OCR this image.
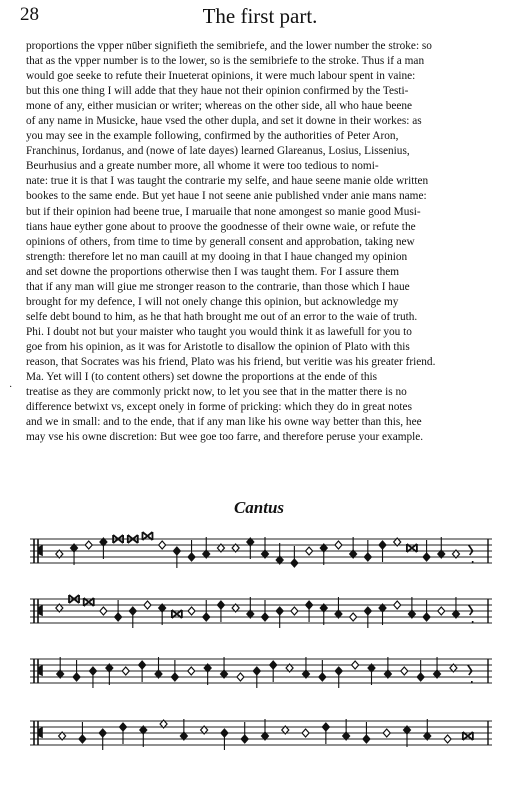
28	The first part.
proportions the vpper nūber signifieth the semibriefe, and the lower number the stroke: so
that as the vpper number is to the lower, so is the semibriefe to the stroke. Thus if a man
would goe seeke to refute their Inueterat opinions, it were much labour spent in vaine:
but this one thing I will adde that they haue not their opinion confirmed by the Testi-
mone of any, either musician or writer; whereas on the other side, all who haue beene
of any name in Musicke, haue vsed the other dupla, and set it downe in their workes: as
you may see in the example following, confirmed by the authorities of Peter Aron,
Franchinus, Iordanus, and (nowe of late dayes) learned Glareanus, Losius, Lissenius,
Beurhusius and a greate number more, all whome it were too tedious to nomi-
nate: true it is that I was taught the contrarie my selfe, and haue seene manie olde written
bookes to the same ende. But yet haue I not seene anie published vnder anie mans name:
but if their opinion had beene true, I maruaile that none amongest so manie good Musi-
tians haue eyther gone about to proove the goodnesse of their owne waie, or refute the
opinions of others, from time to time by generall consent and approbation, taking new
strength: therefore let no man cauill at my dooing in that I haue changed my opinion
and set downe the proportions otherwise then I was taught them. For I assure them
that if any man will giue me stronger reason to the contrarie, than those which I haue
brought for my defence, I will not onely change this opinion, but acknowledge my
selfe debt bound to him, as he that hath brought me out of an error to the waie of truth.
Phi. I doubt not but your maister who taught you would think it as lawefull for you to
goe from his opinion, as it was for Aristotle to disallow the opinion of Plato with this
reason, that Socrates was his friend, Plato was his friend, but veritie was his greater friend.
Ma. Yet will I (to content others) set downe the proportions at the ende of this
treatise as they are commonly prickt now, to let you see that in the matter there is no
difference betwixt vs, except onely in forme of pricking: which they do in great notes
and we in small: and to the ende, that if any man like his owne way better than this, hee
may vse his owne discretion: But wee goe too farre, and therefore peruse your example.
·
Cantus
